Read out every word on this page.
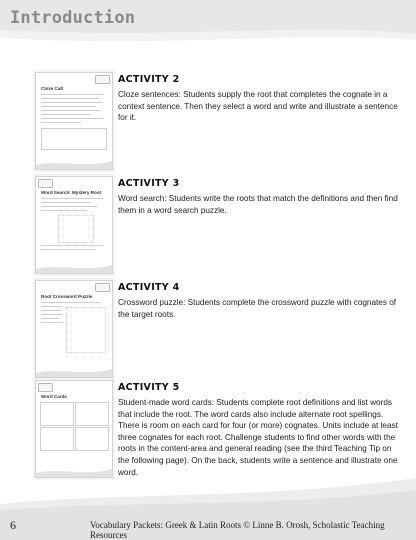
Introduction
Cloze Call
ACTIVITY 2

Cloze sentences: Students supply the root that completes the cognate in a context sentence. Then they select a word and write and illustrate a sentence for it.

Word Search: Mystery Root
ACTIVITY 3

Word search: Students write the roots that match the definitions and then find them in a word search puzzle.

Root Crossword Puzzle
ACTIVITY 4

Crossword puzzle: Students complete the crossword puzzle with cognates of the target roots.

Word Cards
ACTIVITY 5

Student-made word cards: Students complete root definitions and list words that include the root. The word cards also include alternate root spellings. There is room on each card for four (or more) cognates. Units include at least three cognates for each root. Challenge students to find other words with the roots in the content-area and general reading (see the third Teaching Tip on the following page). On the back, students write a sentence and illustrate one word.

6	Vocabulary Packets: Greek & Latin Roots © Linne B. Orosh, Scholastic Teaching Resources
